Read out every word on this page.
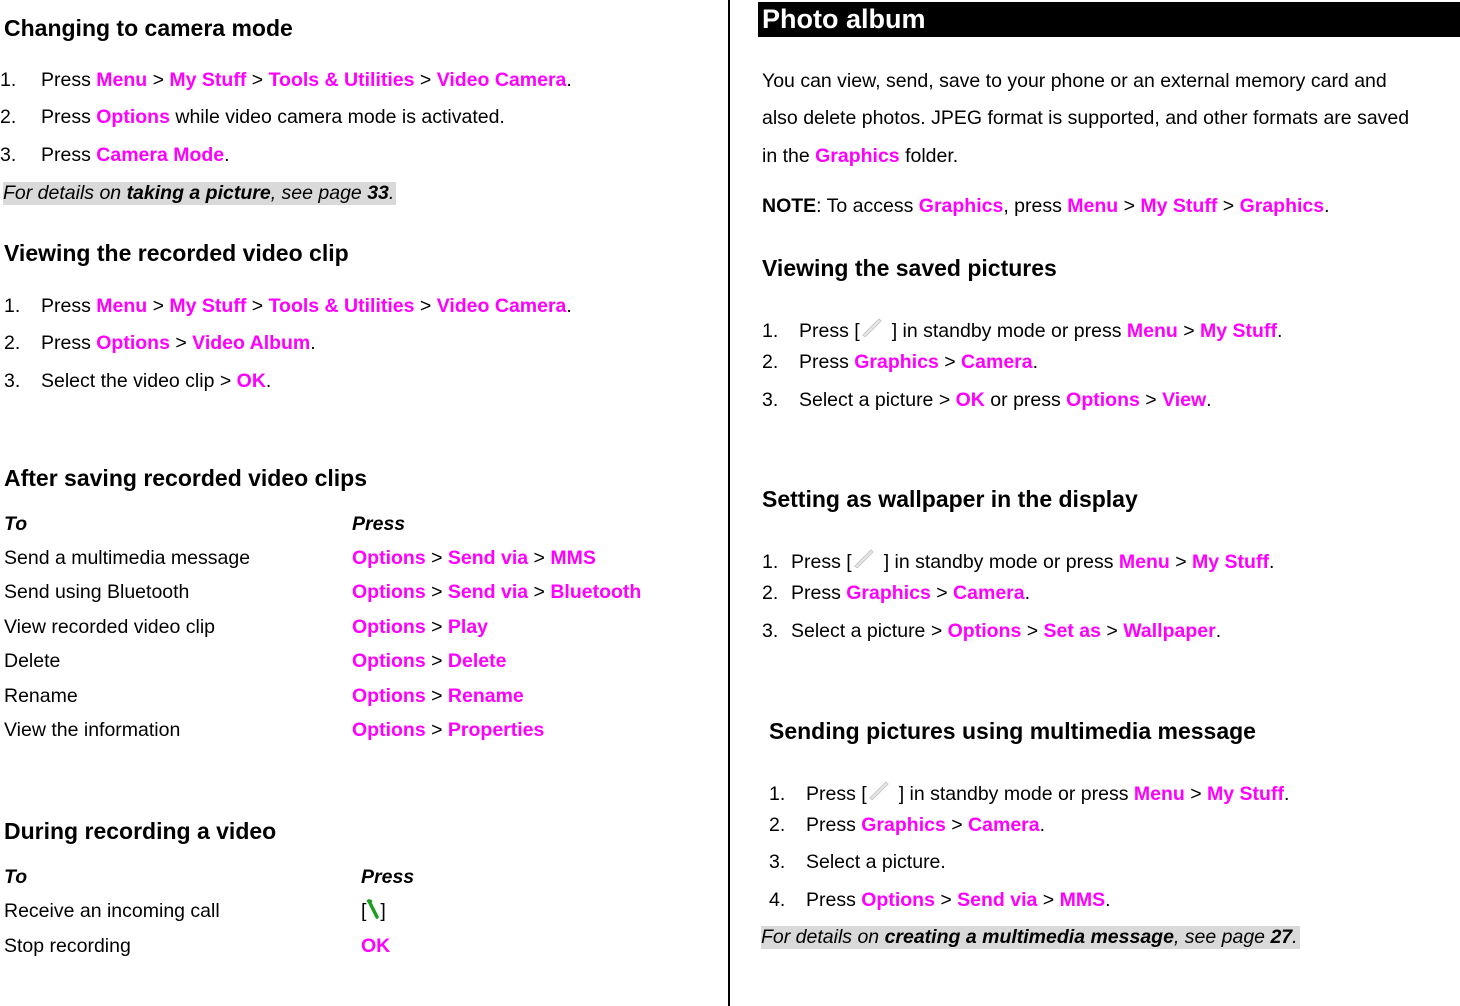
Changing to camera mode
1. Press Menu > My Stuff > Tools & Utilities > Video Camera.
2. Press Options while video camera mode is activated.
3. Press Camera Mode.
For details on taking a picture, see page 33.
Viewing the recorded video clip
1. Press Menu > My Stuff > Tools & Utilities > Video Camera.
2. Press Options > Video Album.
3. Select the video clip > OK.
After saving recorded video clips
To	Press
Send a multimedia message	Options > Send via > MMS
Send using Bluetooth	Options > Send via > Bluetooth
View recorded video clip	Options > Play
Delete	Options > Delete
Rename	Options > Rename
View the information	Options > Properties
During recording a video
To	Press
Receive an incoming call	[ ]
Stop recording	OK
Photo album
You can view, send, save to your phone or an external memory card and
also delete photos. JPEG format is supported, and other formats are saved
in the Graphics folder.
NOTE: To access Graphics, press Menu > My Stuff > Graphics.
Viewing the saved pictures
1. Press [ ] in standby mode or press Menu > My Stuff.
2. Press Graphics > Camera.
3. Select a picture > OK or press Options > View.
Setting as wallpaper in the display
1. Press [ ] in standby mode or press Menu > My Stuff.
2. Press Graphics > Camera.
3. Select a picture > Options > Set as > Wallpaper.
Sending pictures using multimedia message
1. Press [ ] in standby mode or press Menu > My Stuff.
2. Press Graphics > Camera.
3. Select a picture.
4. Press Options > Send via > MMS.
For details on creating a multimedia message, see page 27.
